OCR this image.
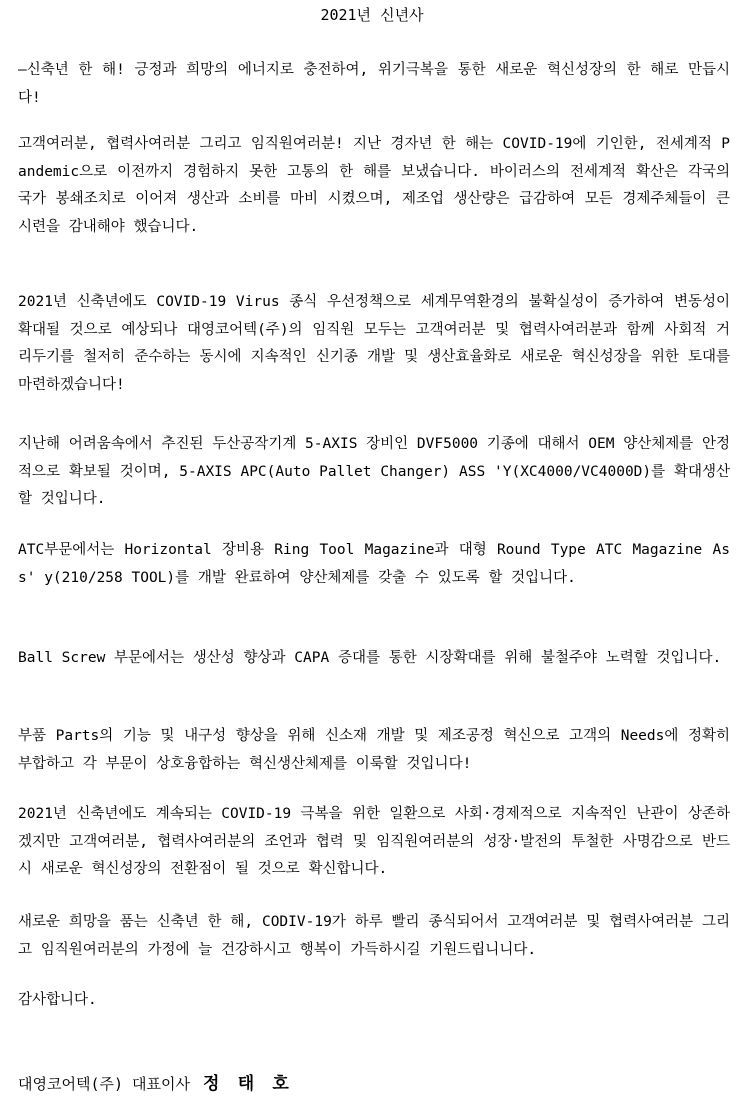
2021년 신년사
—신축년 한 해! 긍정과 희망의 에너지로 충전하여, 위기극복을 통한 새로운 혁신성장의 한 해로 만듭시다!
고객여러분, 협력사여러분 그리고 임직원여러분! 지난 경자년 한 해는 COVID-19에 기인한, 전세계적 Pandemic으로 이전까지 경험하지 못한 고통의 한 해를 보냈습니다. 바이러스의 전세계적 확산은 각국의 국가 봉쇄조치로 이어져 생산과 소비를 마비 시켰으며, 제조업 생산량은 급감하여 모든 경제주체들이 큰 시련을 감내해야 했습니다.
2021년 신축년에도 COVID-19 Virus 종식 우선정책으로 세계무역환경의 불확실성이 증가하여 변동성이 확대될 것으로 예상되나 대영코어텍(주)의 임직원 모두는 고객여러분 및 협력사여러분과 함께 사회적 거리두기를 철저히 준수하는 동시에 지속적인 신기종 개발 및 생산효율화로 새로운 혁신성장을 위한 토대를 마련하겠습니다!
지난해 어려움속에서 추진된 두산공작기계 5-AXIS 장비인 DVF5000 기종에 대해서 OEM 양산체제를 안정적으로 확보될 것이며, 5-AXIS APC(Auto Pallet Changer) ASS 'Y(XC4000/VC4000D)를 확대생산 할 것입니다.
ATC부문에서는 Horizontal 장비용 Ring Tool Magazine과 대형 Round Type ATC Magazine Ass' y(210/258 TOOL)를 개발 완료하여 양산체제를 갖출 수 있도록 할 것입니다.
Ball Screw 부문에서는 생산성 향상과 CAPA 증대를 통한 시장확대를 위해 불철주야 노력할 것입니다.
부품 Parts의 기능 및 내구성 향상을 위해 신소재 개발 및 제조공정 혁신으로 고객의 Needs에 정확히 부합하고 각 부문이 상호융합하는 혁신생산체제를 이룩할 것입니다!
2021년 신축년에도 계속되는 COVID-19 극복을 위한 일환으로 사회·경제적으로 지속적인 난관이 상존하겠지만 고객여러분, 협력사여러분의 조언과 협력 및 임직원여러분의 성장·발전의 투철한 사명감으로 반드시 새로운 혁신성장의 전환점이 될 것으로 확신합니다.
새로운 희망을 품는 신축년 한 해, CODIV-19가 하루 빨리 종식되어서 고객여러분 및 협력사여러분 그리고 임직원여러분의 가정에 늘 건강하시고 행복이 가득하시길 기원드립니니다.
감사합니다.
대영코어텍(주) 대표이사 정 태 호
